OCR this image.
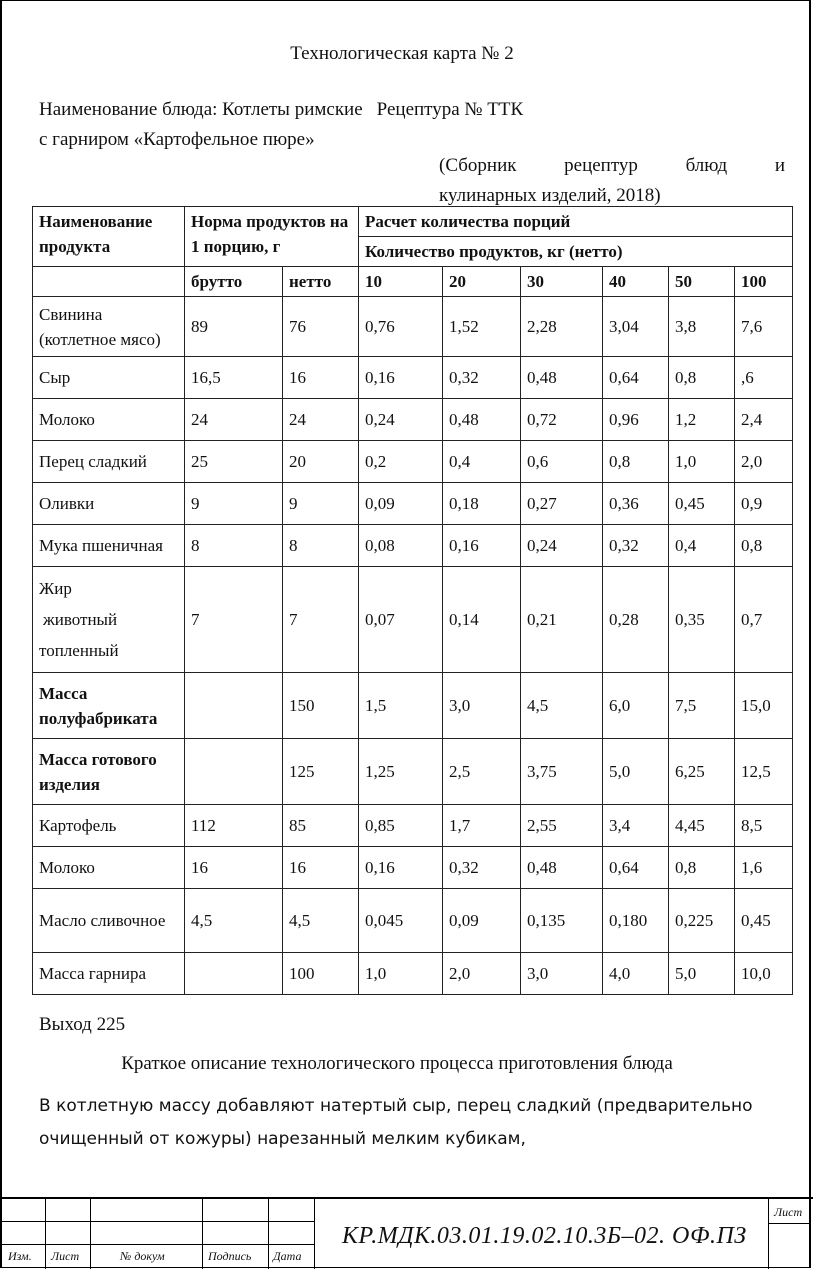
Технологическая карта № 2
Наименование блюда: Котлеты римские Рецептура № ТТК
с гарниром «Картофельное пюре»
(Сборник рецептур блюд и
кулинарных изделий, 2018)
Наименование продукта	Норма продуктов на 1 порцию, г		Расчет количества порций					
			Количество продуктов, кг (нетто)					
	брутто	нетто	10	20	30	40	50	100
Свинина (котлетное мясо)	89	76	0,76	1,52	2,28	3,04	3,8	7,6
Сыр	16,5	16	0,16	0,32	0,48	0,64	0,8	,6
Молоко	24	24	0,24	0,48	0,72	0,96	1,2	2,4
Перец сладкий	25	20	0,2	0,4	0,6	0,8	1,0	2,0
Оливки	9	9	0,09	0,18	0,27	0,36	0,45	0,9
Мука пшеничная	8	8	0,08	0,16	0,24	0,32	0,4	0,8

Жир
животный
топленный	7	7	0,07	0,14	0,21	0,28	0,35	0,7
Масса полуфабриката		150	1,5	3,0	4,5	6,0	7,5	15,0
Масса готового изделия		125	1,25	2,5	3,75	5,0	6,25	12,5
Картофель	112	85	0,85	1,7	2,55	3,4	4,45	8,5
Молоко	16	16	0,16	0,32	0,48	0,64	0,8	1,6
Масло сливочное	4,5	4,5	0,045	0,09	0,135	0,180	0,225	0,45
Масса гарнира		100	1,0	2,0	3,0	4,0	5,0	10,0
Выход 225
Краткое описание технологического процесса приготовления блюда
В котлетную массу добавляют натертый сыр, перец сладкий (предварительно очищенный от кожуры) нарезанный мелким кубикам,
Изм. Лист	№ докум	Подпись Дата
КР.МДК.03.01.19.02.10.3Б–02. ОФ.ПЗ
Лист
